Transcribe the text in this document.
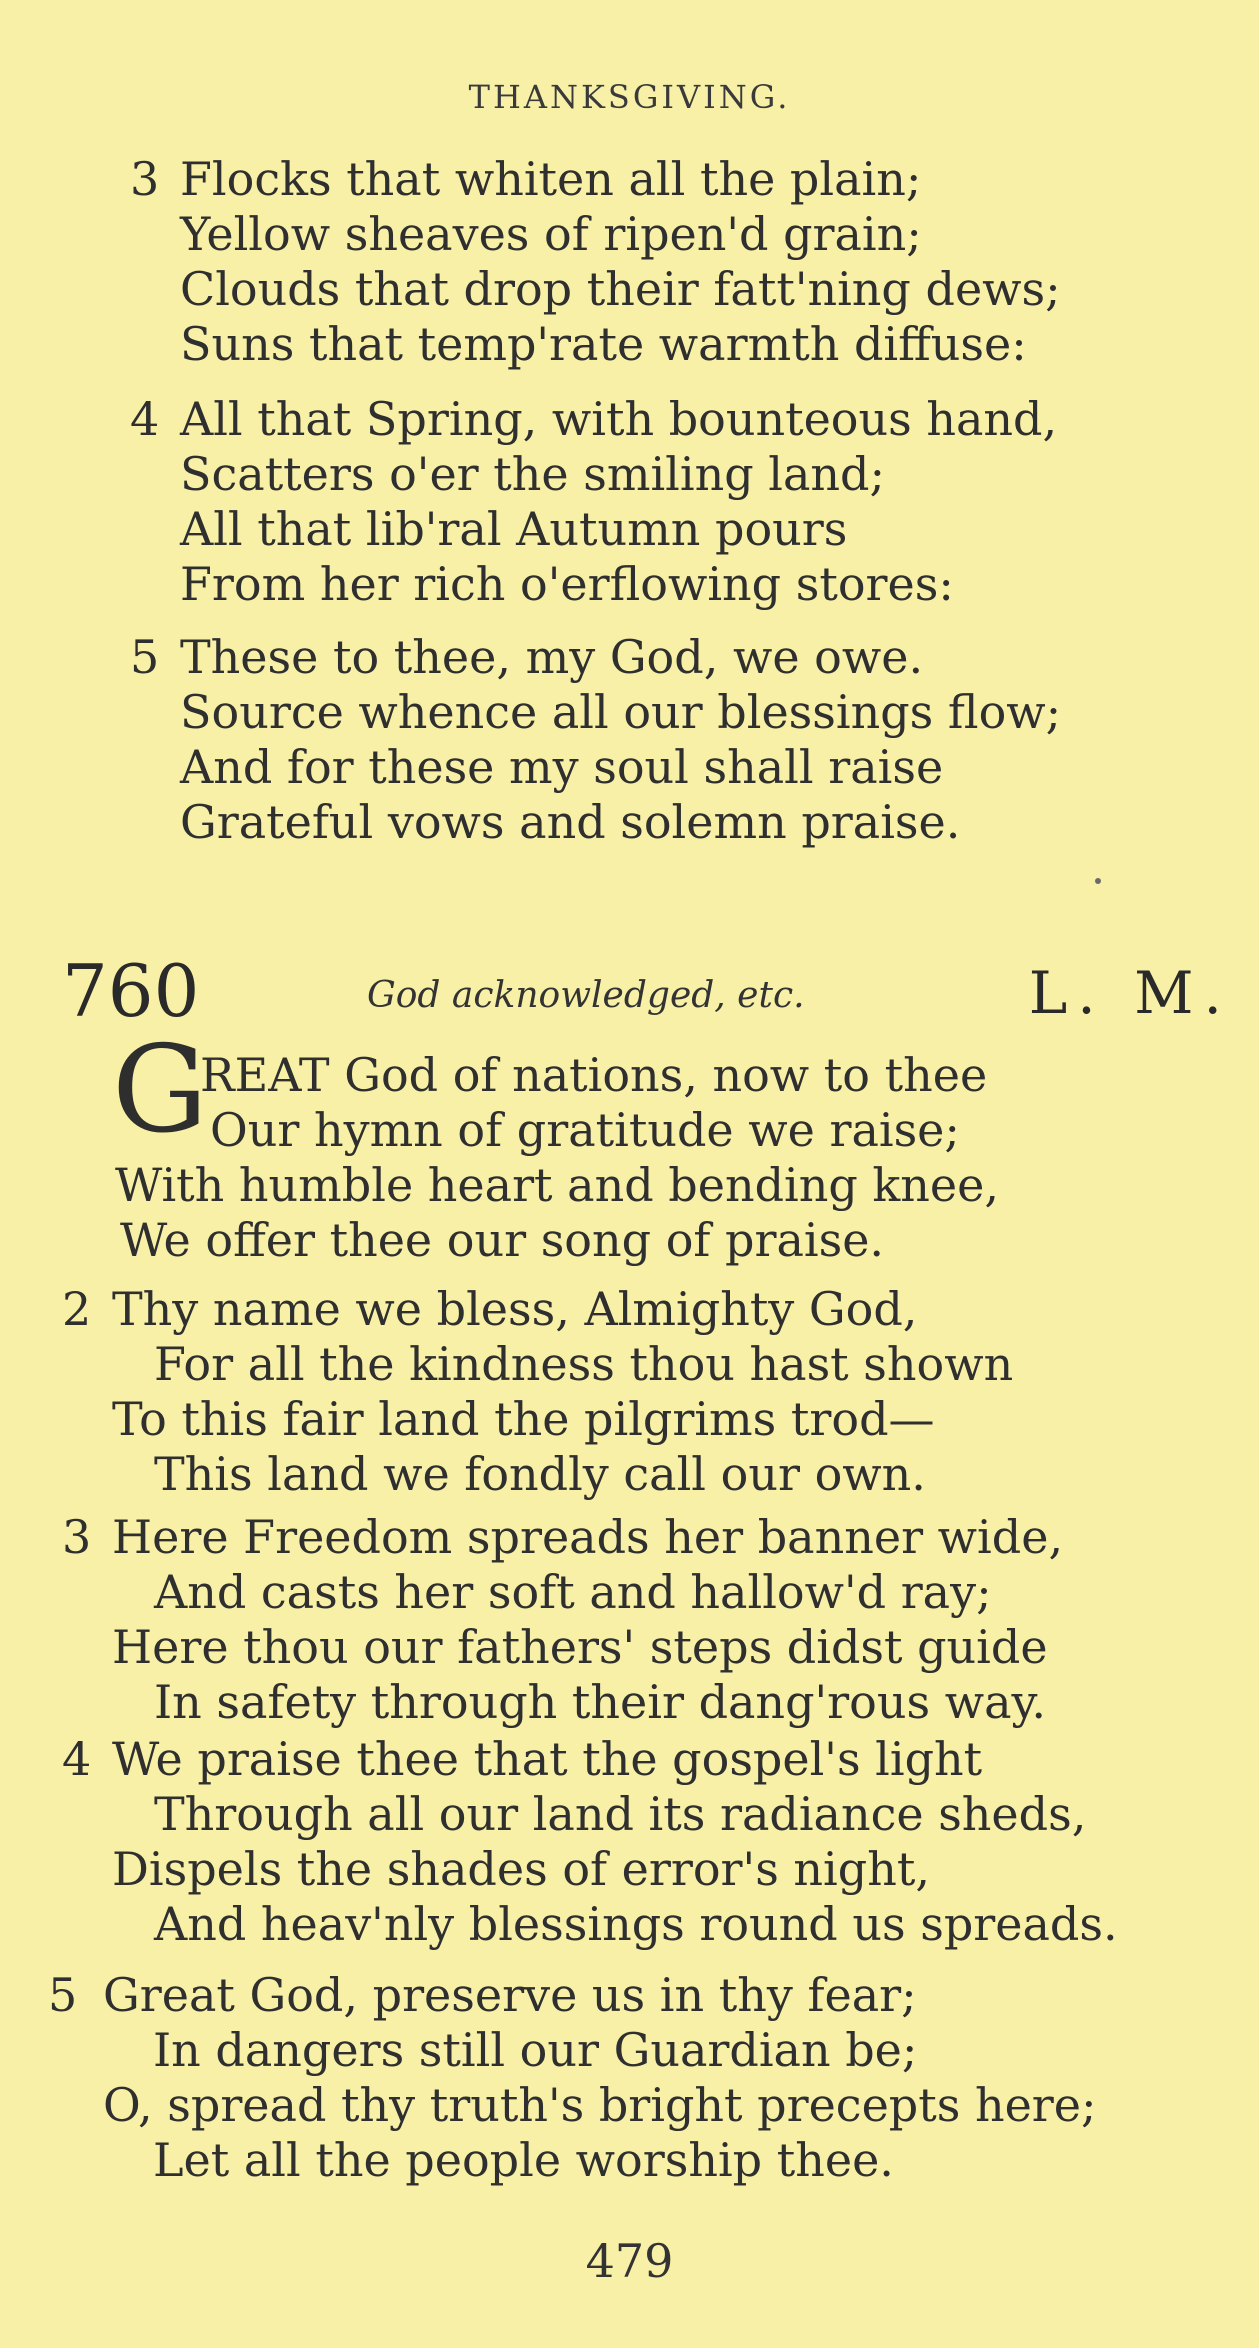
THANKSGIVING.
3 Flocks that whiten all the plain;
Yellow sheaves of ripen'd grain;
Clouds that drop their fatt'ning dews;
Suns that temp'rate warmth diffuse:
4 All that Spring, with bounteous hand,
Scatters o'er the smiling land;
All that lib'ral Autumn pours
From her rich o'erflowing stores:
5 These to thee, my God, we owe.
Source whence all our blessings flow;
And for these my soul shall raise
Grateful vows and solemn praise.
760	God acknowledged, etc.	L. M.
G
REAT God of nations, now to thee
Our hymn of gratitude we raise;
With humble heart and bending knee,
We offer thee our song of praise.
2 Thy name we bless, Almighty God,
For all the kindness thou hast shown
To this fair land the pilgrims trod—
This land we fondly call our own.
3 Here Freedom spreads her banner wide,
And casts her soft and hallow'd ray;
Here thou our fathers' steps didst guide
In safety through their dang'rous way.
4 We praise thee that the gospel's light
Through all our land its radiance sheds,
Dispels the shades of error's night,
And heav'nly blessings round us spreads.
5 Great God, preserve us in thy fear;
In dangers still our Guardian be;
O, spread thy truth's bright precepts here;
Let all the people worship thee.
479
